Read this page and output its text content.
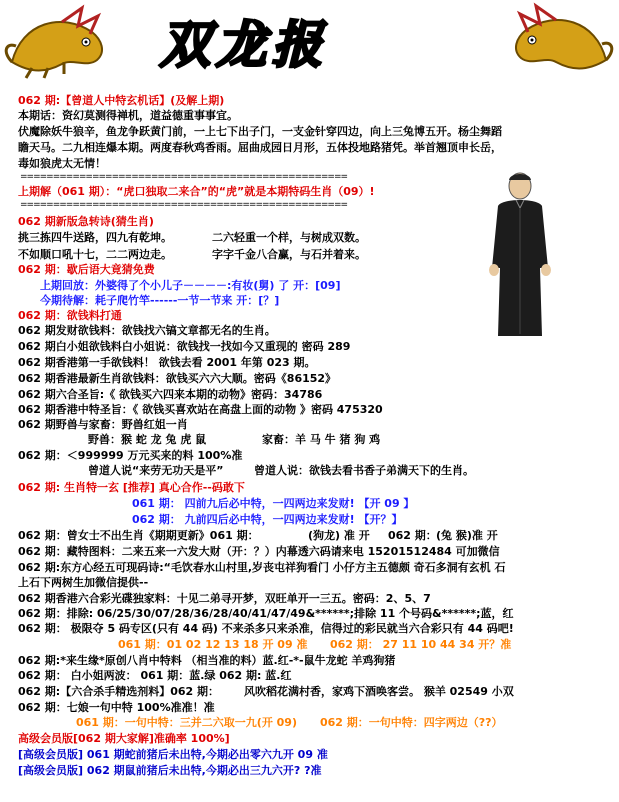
双龙报
062 期:【曾道人中特玄机话】(及解上期)
本期话：资幻莫测得禅机，道益德重事事宜。
伏魔除妖牛狼辛，鱼龙争跃黄门前，一上七下出子门，一支金针穿四边，向上三兔博五开。杨尘舞蹈
瞻天马。二九相连爆本期。两度春秋鸡香雨。屈曲成园日月形，五体投地路猪凭。举首翘顶申长岳，
毒如狼虎太无情！
==================================================
上期解（061 期）：“虎口独取二来合”的“虎”就是本期特码生肖（09）!
==================================================
062 期新版急转诗(猜生肖)
挑三拣四牛送路，四九有乾坤。	二六轻重一个样，与树成双数。
不如顺口吼十七，二二两边走。	字字千金八合赢，与石并着来。
062 期：歇后语大竟猜免费
上期回放：外婆得了个小儿子－－－－:有妆(舅) 了 开：[09]
今期待解：耗子爬竹竿------一节一节来 开：[？]
062 期：欲钱料打通
062 期发财欲钱料：欲钱找六镐文章都无名的生肖。
062 期白小姐欲钱料白小姐说：欲钱找一找如今又重现的 密码 289
062 期香港第一手欲钱料！ 欲钱去看 2001 年第 023 期。
062 期香港最新生肖欲钱料：欲钱买六六大顺。密码《86152》
062 期六合圣旨:《 欲钱买六四来本期的动物》密码：34786
062 期香港中特圣旨：《 欲钱买喜欢站在高盘上面的动物 》密码 475320
062 期野兽与家畜：野兽红姐一肖
野兽：猴 蛇 龙 兔 虎 鼠	家畜：羊 马 牛 猪 狗 鸡
062 期：＜999999 万元买来的料 100%准
曾道人说“来劳无功天是平”	曾道人说：欲钱去看书香子弟满天下的生肖。
062 期: 生肖特一玄 [推荐] 真心合作--码敢下
061 期： 四前九后必中特，一四两边来发财! 【开 09 】
062 期： 九前四后必中特，一四两边来发财! 【开？】
062 期：曾女士不出生肖《期期更新》061 期：	(狗龙) 准 开 062 期： (兔 猴)准 开
062 期：藏特图料：二来五来一六发大财（开：？）内幕透六码请来电 15201512484 可加微信
062 期:东方心经五可现码诗:“毛饮春水山村里,岁丧屯祥狗看门 小仔方主五德颇 奇石多洞有玄机 石
上石下两树生加微信提供--
062 期香港六合彩光碟独家料：十见二弟寻开梦，双旺单开一三五。密码：2、5、7
062 期：排除: 06/25/30/07/28/36/28/40/41/47/49&******;排除 11 个号码&******;蓝，红
062 期： 极限夺 5 码专区(只有 44 码) 不来杀多只来杀准，信得过的彩民就当六合彩只有 44 码吧!
061 期：01 02 12 13 18 开 09 准 062 期： 27 11 10 44 34 开？准
062 期:*来生缘*原创八肖中特料 （相当准的料）蓝.红-*-鼠牛龙蛇 羊鸡狗猪
062 期： 白小姐两波： 061 期：蓝.绿 062 期: 蓝.红
062 期:【六合杀手精选剂料】062 期： 风吹稻花满村香，家鸡下酒唤客尝。 猴羊 02549 小双
062 期：七娘一句中特 100%准准！准
061 期：一句中特：三并二六取一九(开 09) 062 期：一句中特：四字两边（??）
高级会员版[062 期大家解]准确率 100%]
[高级会员版] 061 期蛇前猪后未出特,今期必出零六九开 09 准
[高级会员版] 062 期鼠前猪后未出特,今期必出三九六开? ?准
